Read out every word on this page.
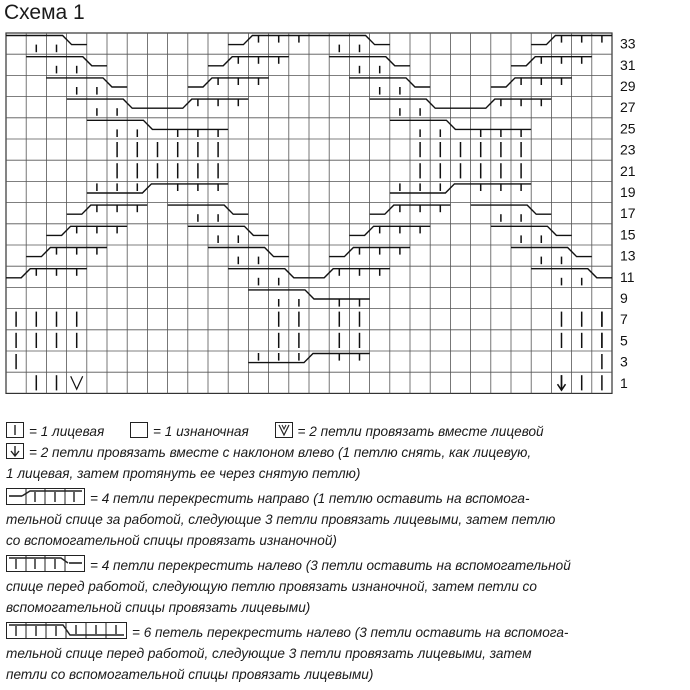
Схема 1
33
31
29
27
25
23
21
19
17
15
13
11
9
7
5
3
1
= 1 лицевая	= 1 изнаночная	= 2 петли провязать вместе лицевой
= 2 петли провязать вместе с наклоном влево (1 петлю снять, как лицевую,
1 лицевая, затем протянуть ее через снятую петлю)
= 4 петли перекрестить направо (1 петлю оставить на вспомога-
тельной спице за работой, следующие 3 петли провязать лицевыми, затем петлю
со вспомогательной спицы провязать изнаночной)
= 4 петли перекрестить налево (3 петли оставить на вспомогательной
спице перед работой, следующую петлю провязать изнаночной, затем петли со
вспомогательной спицы провязать лицевыми)
= 6 петель перекрестить налево (3 петли оставить на вспомога-
тельной спице перед работой, следующие 3 петли провязать лицевыми, затем
петли со вспомогательной спицы провязать лицевыми)
